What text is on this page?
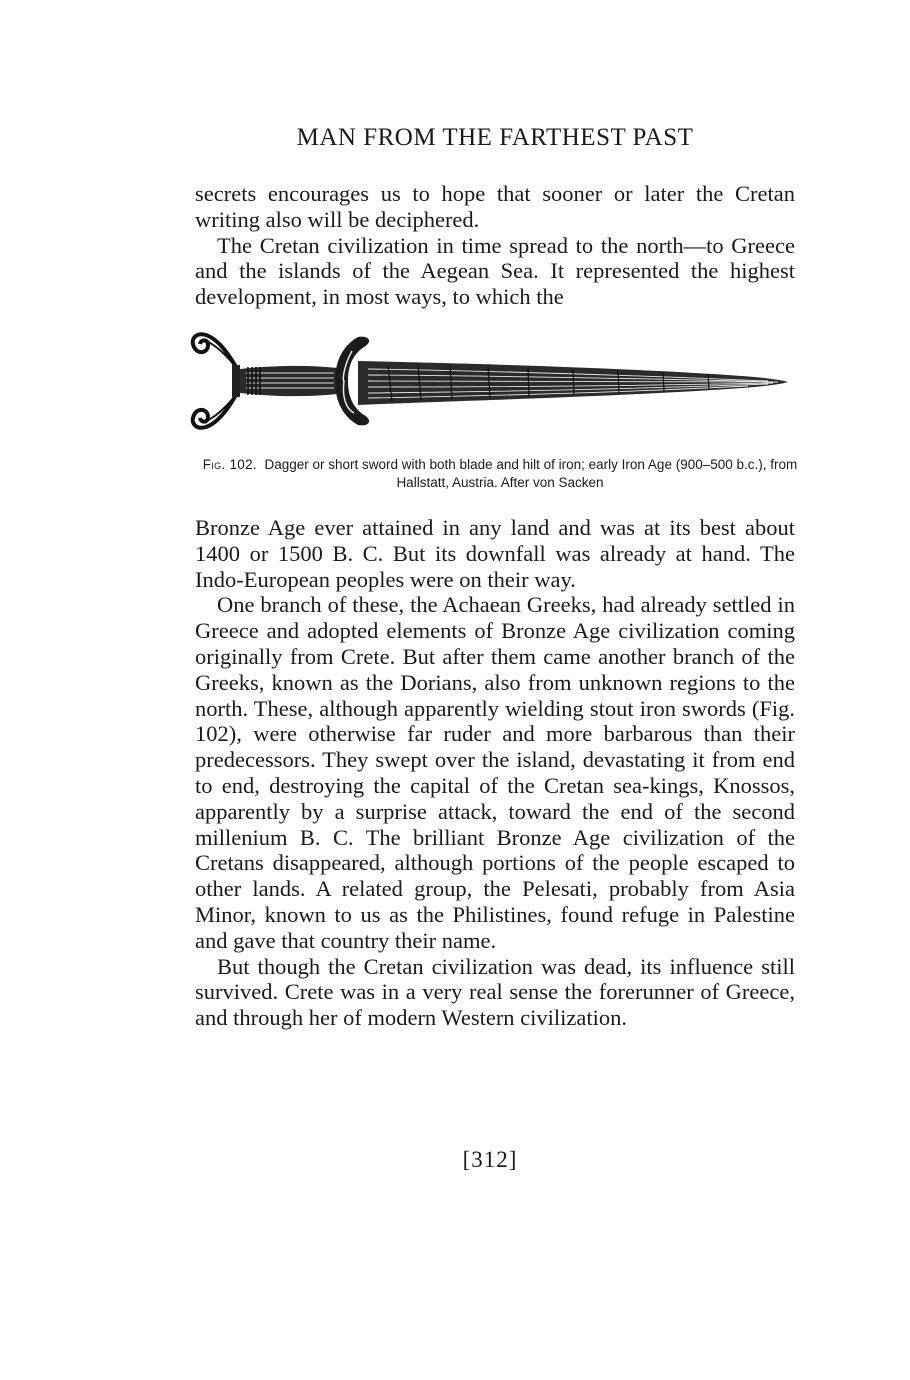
MAN FROM THE FARTHEST PAST

secrets encourages us to hope that sooner or later the Cretan writing also will be deciphered.

The Cretan civilization in time spread to the north—to Greece and the islands of the Aegean Sea. It represented the highest development, in most ways, to which the

Fig. 102. Dagger or short sword with both blade and hilt of iron; early Iron Age (900–500 b.c.), from Hallstatt, Austria. After von Sacken

Bronze Age ever attained in any land and was at its best about 1400 or 1500 B. C. But its downfall was already at hand. The Indo-European peoples were on their way.

One branch of these, the Achaean Greeks, had already settled in Greece and adopted elements of Bronze Age civilization coming originally from Crete. But after them came another branch of the Greeks, known as the Dorians, also from unknown regions to the north. These, although apparently wielding stout iron swords (Fig. 102), were otherwise far ruder and more barbarous than their predecessors. They swept over the island, devastating it from end to end, destroying the capital of the Cretan sea-kings, Knossos, apparently by a surprise attack, toward the end of the second millenium B. C. The brilliant Bronze Age civilization of the Cretans disappeared, although portions of the people escaped to other lands. A related group, the Pelesati, probably from Asia Minor, known to us as the Philistines, found refuge in Palestine and gave that country their name.

But though the Cretan civilization was dead, its influence still survived. Crete was in a very real sense the forerunner of Greece, and through her of modern Western civilization.

[312]
